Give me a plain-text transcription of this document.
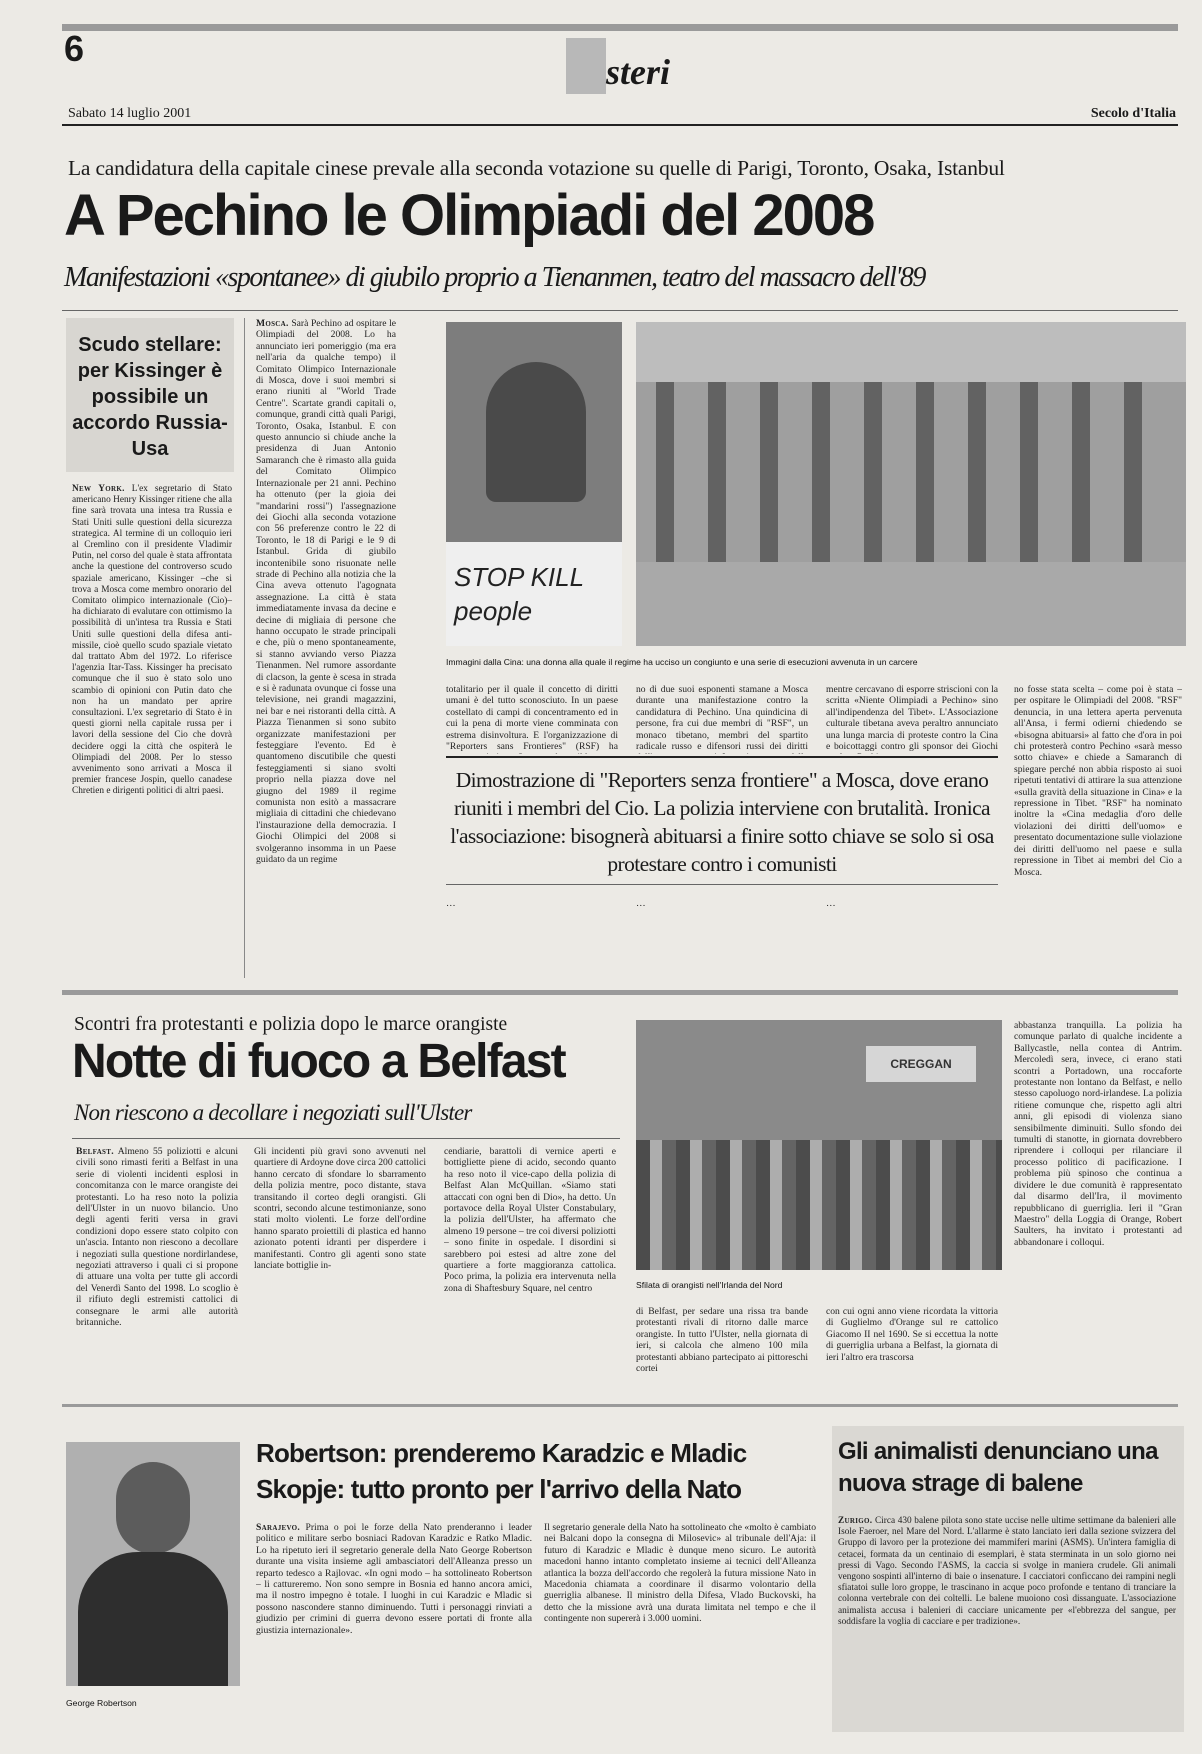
6	Esteri
Sabato 14 luglio 2001	Secolo d'Italia
La candidatura della capitale cinese prevale alla seconda votazione su quelle di Parigi, Toronto, Osaka, Istanbul
A Pechino le Olimpiadi del 2008
Manifestazioni «spontanee» di giubilo proprio a Tienanmen, teatro del massacro dell'89
Scudo stellare: per Kissinger è possibile un accordo Russia-Usa
New York. L'ex segretario di Stato americano Henry Kissinger ritiene che alla fine sarà trovata una intesa tra Russia e Stati Uniti sulle questioni della sicurezza strategica. Al termine di un colloquio ieri al Cremlino con il presidente Vladimir Putin, nel corso del quale è stata affrontata anche la questione del controverso scudo spaziale americano, Kissinger –che si trova a Mosca come membro onorario del Comitato olimpico internazionale (Cio)– ha dichiarato di evalutare con ottimismo la possibilità di un'intesa tra Russia e Stati Uniti sulle questioni della difesa anti-missile, cioè quello scudo spaziale vietato dal trattato Abm del 1972. Lo riferisce l'agenzia Itar-Tass. Kissinger ha precisato comunque che il suo è stato solo uno scambio di opinioni con Putin dato che non ha un mandato per aprire consultazioni. L'ex segretario di Stato è in questi giorni nella capitale russa per i lavori della sessione del Cio che dovrà decidere oggi la città che ospiterà le Olimpiadi del 2008. Per lo stesso avvenimento sono arrivati a Mosca il premier francese Jospin, quello canadese Chretien e dirigenti politici di altri paesi.
Mosca. Sarà Pechino ad ospitare le Olimpiadi del 2008. Lo ha annunciato ieri pomeriggio (ma era nell'aria da qualche tempo) il Comitato Olimpico Internazionale di Mosca, dove i suoi membri si erano riuniti al "World Trade Centre". Scartate grandi capitali o, comunque, grandi città quali Parigi, Toronto, Osaka, Istanbul. E con questo annuncio si chiude anche la presidenza di Juan Antonio Samaranch che è rimasto alla guida del Comitato Olimpico Internazionale per 21 anni. Pechino ha ottenuto (per la gioia dei "mandarini rossi") l'assegnazione dei Giochi alla seconda votazione con 56 preferenze contro le 22 di Toronto, le 18 di Parigi e le 9 di Istanbul. Grida di giubilo incontenibile sono risuonate nelle strade di Pechino alla notizia che la Cina aveva ottenuto l'agognata assegnazione. La città è stata immediatamente invasa da decine e decine di migliaia di persone che hanno occupato le strade principali e che, più o meno spontaneamente, si stanno avviando verso Piazza Tienanmen. Nel rumore assordante di clacson, la gente è scesa in strada e si è radunata ovunque ci fosse una televisione, nei grandi magazzini, nei bar e nei ristoranti della città. A Piazza Tienanmen si sono subito organizzate manifestazioni per festeggiare l'evento. Ed è quantomeno discutibile che questi festeggiamenti si siano svolti proprio nella piazza dove nel giugno del 1989 il regime comunista non esitò a massacrare migliaia di cittadini che chiedevano l'instaurazione della democrazia. I Giochi Olimpici del 2008 si svolgeranno insomma in un Paese guidato da un regime
STOP KILL people
Immagini dalla Cina: una donna alla quale il regime ha ucciso un congiunto e una serie di esecuzioni avvenuta in un carcere
totalitario per il quale il concetto di diritti umani è del tutto sconosciuto. In un paese costellato di campi di concentramento ed in cui la pena di morte viene comminata con estrema disinvoltura. E l'organizzazione di "Reporters sans Frontieres" (RSF) ha
no di due suoi esponenti stamane a Mosca durante una manifestazione contro la candidatura di Pechino. Una quindicina di persone, fra cui due membri di "RSF", un monaco tibetano, membri del spartito radicale russo e difensori russi dei diritti
mentre cercavano di esporre striscioni con la scritta «Niente Olimpiadi a Pechino» sino all'indipendenza del Tibet». L'Associazione culturale tibetana aveva peraltro annunciato una lunga marcia di proteste contro la Cina e boicottaggi contro gli sponsor dei Giochi
Dimostrazione di "Reporters senza frontiere" a Mosca, dove erano riuniti i membri del Cio. La polizia interviene con brutalità. Ironica l'associazione: bisognerà abituarsi a finire sotto chiave se solo si osa protestare contro i comunisti
…	…	…
no fosse stata scelta – come poi è stata – per ospitare le Olimpiadi del 2008. "RSF" denuncia, in una lettera aperta pervenuta all'Ansa, i fermi odierni chiedendo se «bisogna abituarsi» al fatto che d'ora in poi chi protesterà contro Pechino «sarà messo sotto chiave» e chiede a Samaranch di spiegare perché non abbia risposto ai suoi ripetuti tentativi di attirare la sua attenzione «sulla gravità della situazione in Cina» e la repressione in Tibet. "RSF" ha nominato inoltre la «Cina medaglia d'oro delle violazioni dei diritti dell'uomo» e presentato documentazione sulle violazione dei diritti dell'uomo nel paese e sulla repressione in Tibet ai membri del Cio a Mosca.
Scontri fra protestanti e polizia dopo le marce orangiste
Notte di fuoco a Belfast
Non riescono a decollare i negoziati sull'Ulster
Belfast. Almeno 55 poliziotti e alcuni civili sono rimasti feriti a Belfast in una serie di violenti incidenti esplosi in concomitanza con le marce orangiste dei protestanti. Lo ha reso noto la polizia dell'Ulster in un nuovo bilancio. Uno degli agenti feriti versa in gravi condizioni dopo essere stato colpito con un'ascia. Intanto non riescono a decollare i negoziati sulla questione nordirlandese, negoziati attraverso i quali ci si propone di attuare una volta per tutte gli accordi del Venerdì Santo del 1998. Lo scoglio è il rifiuto degli estremisti cattolici di consegnare le armi alle autorità britanniche.
Gli incidenti più gravi sono avvenuti nel quartiere di Ardoyne dove circa 200 cattolici hanno cercato di sfondare lo sbarramento della polizia mentre, poco distante, stava transitando il corteo degli orangisti. Gli scontri, secondo alcune testimonianze, sono stati molto violenti. Le forze dell'ordine hanno sparato proiettili di plastica ed hanno azionato potenti idranti per disperdere i manifestanti. Contro gli agenti sono state lanciate bottiglie in-
cendiarie, barattoli di vernice aperti e bottigliette piene di acido, secondo quanto ha reso noto il vice-capo della polizia di Belfast Alan McQuillan. «Siamo stati attaccati con ogni ben di Dio», ha detto. Un portavoce della Royal Ulster Constabulary, la polizia dell'Ulster, ha affermato che almeno 19 persone – tre coi diversi poliziotti – sono finite in ospedale. I disordini si sarebbero poi estesi ad altre zone del quartiere a forte maggioranza cattolica. Poco prima, la polizia era intervenuta nella zona di Shaftesbury Square, nel centro
CREGGAN
Sfilata di orangisti nell'Irlanda del Nord
di Belfast, per sedare una rissa tra bande protestanti rivali di ritorno dalle marce orangiste. In tutto l'Ulster, nella giornata di ieri, si calcola che almeno 100 mila protestanti abbiano partecipato ai pittoreschi cortei
con cui ogni anno viene ricordata la vittoria di Guglielmo d'Orange sul re cattolico Giacomo II nel 1690. Se si eccettua la notte di guerriglia urbana a Belfast, la giornata di ieri l'altro era trascorsa
abbastanza tranquilla. La polizia ha comunque parlato di qualche incidente a Ballycastle, nella contea di Antrim. Mercoledì sera, invece, ci erano stati scontri a Portadown, una roccaforte protestante non lontano da Belfast, e nello stesso capoluogo nord-irlandese. La polizia ritiene comunque che, rispetto agli altri anni, gli episodi di violenza siano sensibilmente diminuiti. Sullo sfondo dei tumulti di stanotte, in giornata dovrebbero riprendere i colloqui per rilanciare il processo politico di pacificazione. I problema più spinoso che continua a dividere le due comunità è rappresentato dal disarmo dell'Ira, il movimento repubblicano di guerriglia. Ieri il "Gran Maestro" della Loggia di Orange, Robert Saulters, ha invitato i protestanti ad abbandonare i colloqui.
George Robertson
Robertson: prenderemo Karadzic e Mladic
Skopje: tutto pronto per l'arrivo della Nato
Sarajevo. Prima o poi le forze della Nato prenderanno i leader politico e militare serbo bosniaci Radovan Karadzic e Ratko Mladic. Lo ha ripetuto ieri il segretario generale della Nato George Robertson durante una visita insieme agli ambasciatori dell'Alleanza presso un reparto tedesco a Rajlovac. «In ogni modo – ha sottolineato Robertson – li cattureremo. Non sono sempre in Bosnia ed hanno ancora amici, ma il nostro impegno è totale. I luoghi in cui Karadzic e Mladic si possono nascondere stanno diminuendo. Tutti i personaggi rinviati a giudizio per crimini di guerra devono essere portati di fronte alla giustizia internazionale».
Il segretario generale della Nato ha sottolineato che «molto è cambiato nei Balcani dopo la consegna di Milosevic» al tribunale dell'Aja: il futuro di Karadzic e Mladic è dunque meno sicuro. Le autorità macedoni hanno intanto completato insieme ai tecnici dell'Alleanza atlantica la bozza dell'accordo che regolerà la futura missione Nato in Macedonia chiamata a coordinare il disarmo volontario della guerriglia albanese. Il ministro della Difesa, Vlado Buckovski, ha detto che la missione avrà una durata limitata nel tempo e che il contingente non supererà i 3.000 uomini.
Gli animalisti denunciano una nuova strage di balene
Zurigo. Circa 430 balene pilota sono state uccise nelle ultime settimane da balenieri alle Isole Faeroer, nel Mare del Nord. L'allarme è stato lanciato ieri dalla sezione svizzera del Gruppo di lavoro per la protezione dei mammiferi marini (ASMS). Un'intera famiglia di cetacei, formata da un centinaio di esemplari, è stata sterminata in un solo giorno nei pressi di Vago. Secondo l'ASMS, la caccia si svolge in maniera crudele. Gli animali vengono sospinti all'interno di baie o insenature. I cacciatori conficcano dei rampini negli sfiatatoi sulle loro groppe, le trascinano in acque poco profonde e tentano di tranciare la colonna vertebrale con dei coltelli. Le balene muoiono così dissanguate. L'associazione animalista accusa i balenieri di cacciare unicamente per «l'ebbrezza del sangue, per soddisfare la voglia di cacciare e per tradizione».
